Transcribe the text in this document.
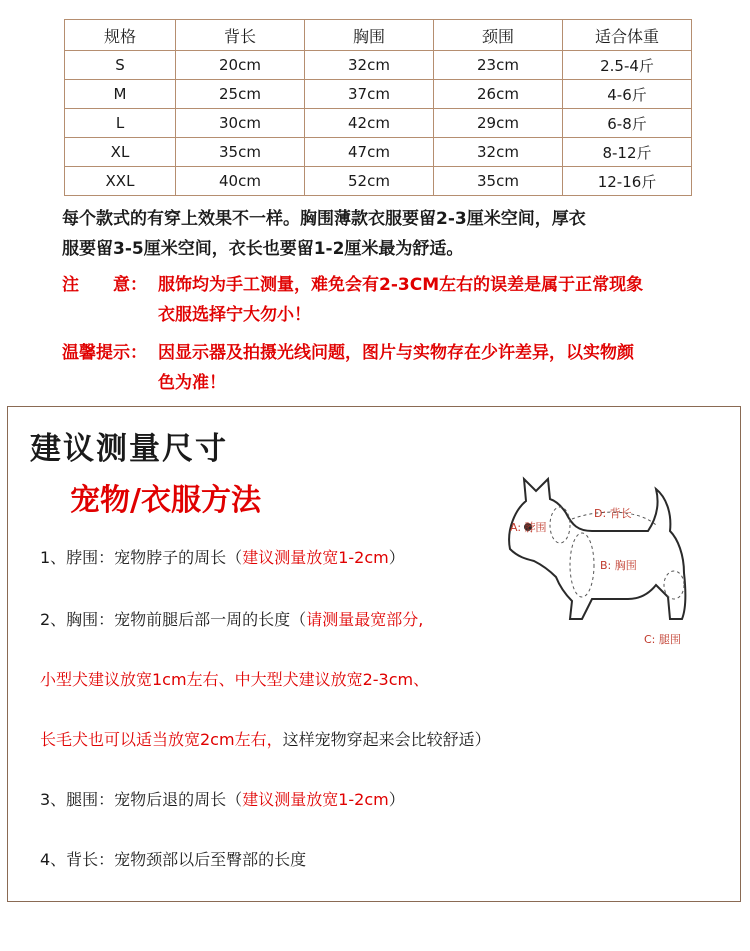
规格	背长	胸围	颈围	适合体重
S	20cm	32cm	23cm	2.5-4斤
M	25cm	37cm	26cm	4-6斤
L	30cm	42cm	29cm	6-8斤
XL	35cm	47cm	32cm	8-12斤
XXL	40cm	52cm	35cm	12-16斤
每个款式的有穿上效果不一样。胸围薄款衣服要留2-3厘米空间，厚衣
服要留3-5厘米空间，衣长也要留1-2厘米最为舒适。
注　　意： 服饰均为手工测量，难免会有2-3CM左右的误差是属于正常现象
衣服选择宁大勿小！
温馨提示： 因显示器及拍摄光线问题，图片与实物存在少许差异，以实物颜
色为准！
建议测量尺寸
宠物/衣服方法
A: 脖围
D: 背长
B: 胸围
C: 腿围
1、脖围：宠物脖子的周长（建议测量放宽1-2cm）
2、胸围：宠物前腿后部一周的长度（请测量最宽部分,
小型犬建议放宽1cm左右、中大型犬建议放宽2-3cm、
长毛犬也可以适当放宽2cm左右，这样宠物穿起来会比较舒适）
3、腿围：宠物后退的周长（建议测量放宽1-2cm）
4、背长：宠物颈部以后至臀部的长度
